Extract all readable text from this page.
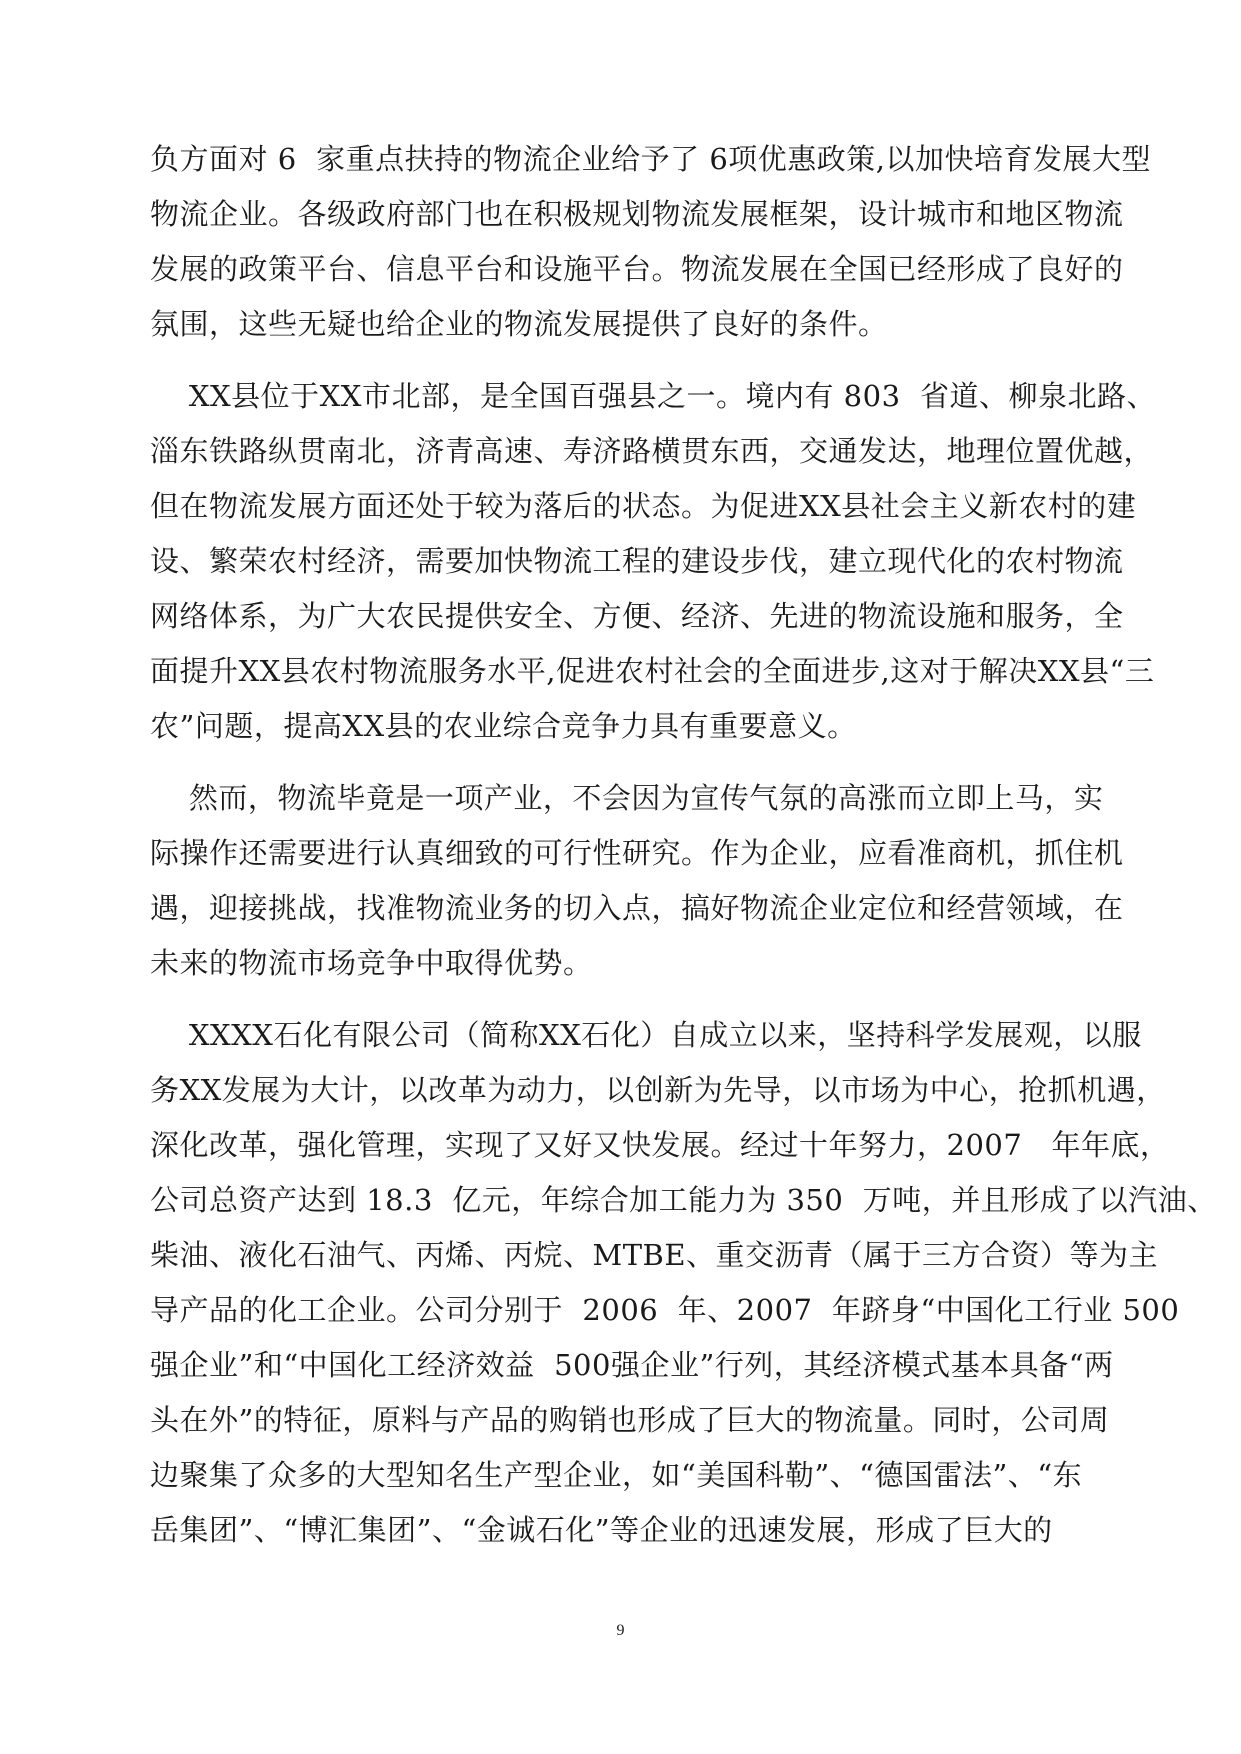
负方面对 6  家重点扶持的物流企业给予了 6项优惠政策,以加快培育发展大型
物流企业。各级政府部门也在积极规划物流发展框架，设计城市和地区物流
发展的政策平台、信息平台和设施平台。物流发展在全国已经形成了良好的
氛围，这些无疑也给企业的物流发展提供了良好的条件。

XX县位于XX市北部，是全国百强县之一。境内有 803  省道、柳泉北路、
淄东铁路纵贯南北，济青高速、寿济路横贯东西，交通发达，地理位置优越，
但在物流发展方面还处于较为落后的状态。为促进XX县社会主义新农村的建
设、繁荣农村经济，需要加快物流工程的建设步伐，建立现代化的农村物流
网络体系，为广大农民提供安全、方便、经济、先进的物流设施和服务，全
面提升XX县农村物流服务水平,促进农村社会的全面进步,这对于解决XX县“三
农”问题，提高XX县的农业综合竞争力具有重要意义。

然而，物流毕竟是一项产业，不会因为宣传气氛的高涨而立即上马，实
际操作还需要进行认真细致的可行性研究。作为企业，应看准商机，抓住机
遇，迎接挑战，找准物流业务的切入点，搞好物流企业定位和经营领域，在
未来的物流市场竞争中取得优势。

XXXX石化有限公司（简称XX石化）自成立以来，坚持科学发展观，以服
务XX发展为大计，以改革为动力，以创新为先导，以市场为中心，抢抓机遇，
深化改革，强化管理，实现了又好又快发展。经过十年努力，2007   年年底，
公司总资产达到 18.3  亿元，年综合加工能力为 350  万吨，并且形成了以汽油、
柴油、液化石油气、丙烯、丙烷、MTBE、重交沥青（属于三方合资）等为主
导产品的化工企业。公司分别于  2006  年、2007  年跻身“中国化工行业 500
强企业”和“中国化工经济效益  500强企业”行列，其经济模式基本具备“两
头在外”的特征，原料与产品的购销也形成了巨大的物流量。同时，公司周
边聚集了众多的大型知名生产型企业，如“美国科勒”、“德国雷法”、“东
岳集团”、“博汇集团”、“金诚石化”等企业的迅速发展，形成了巨大的

9
